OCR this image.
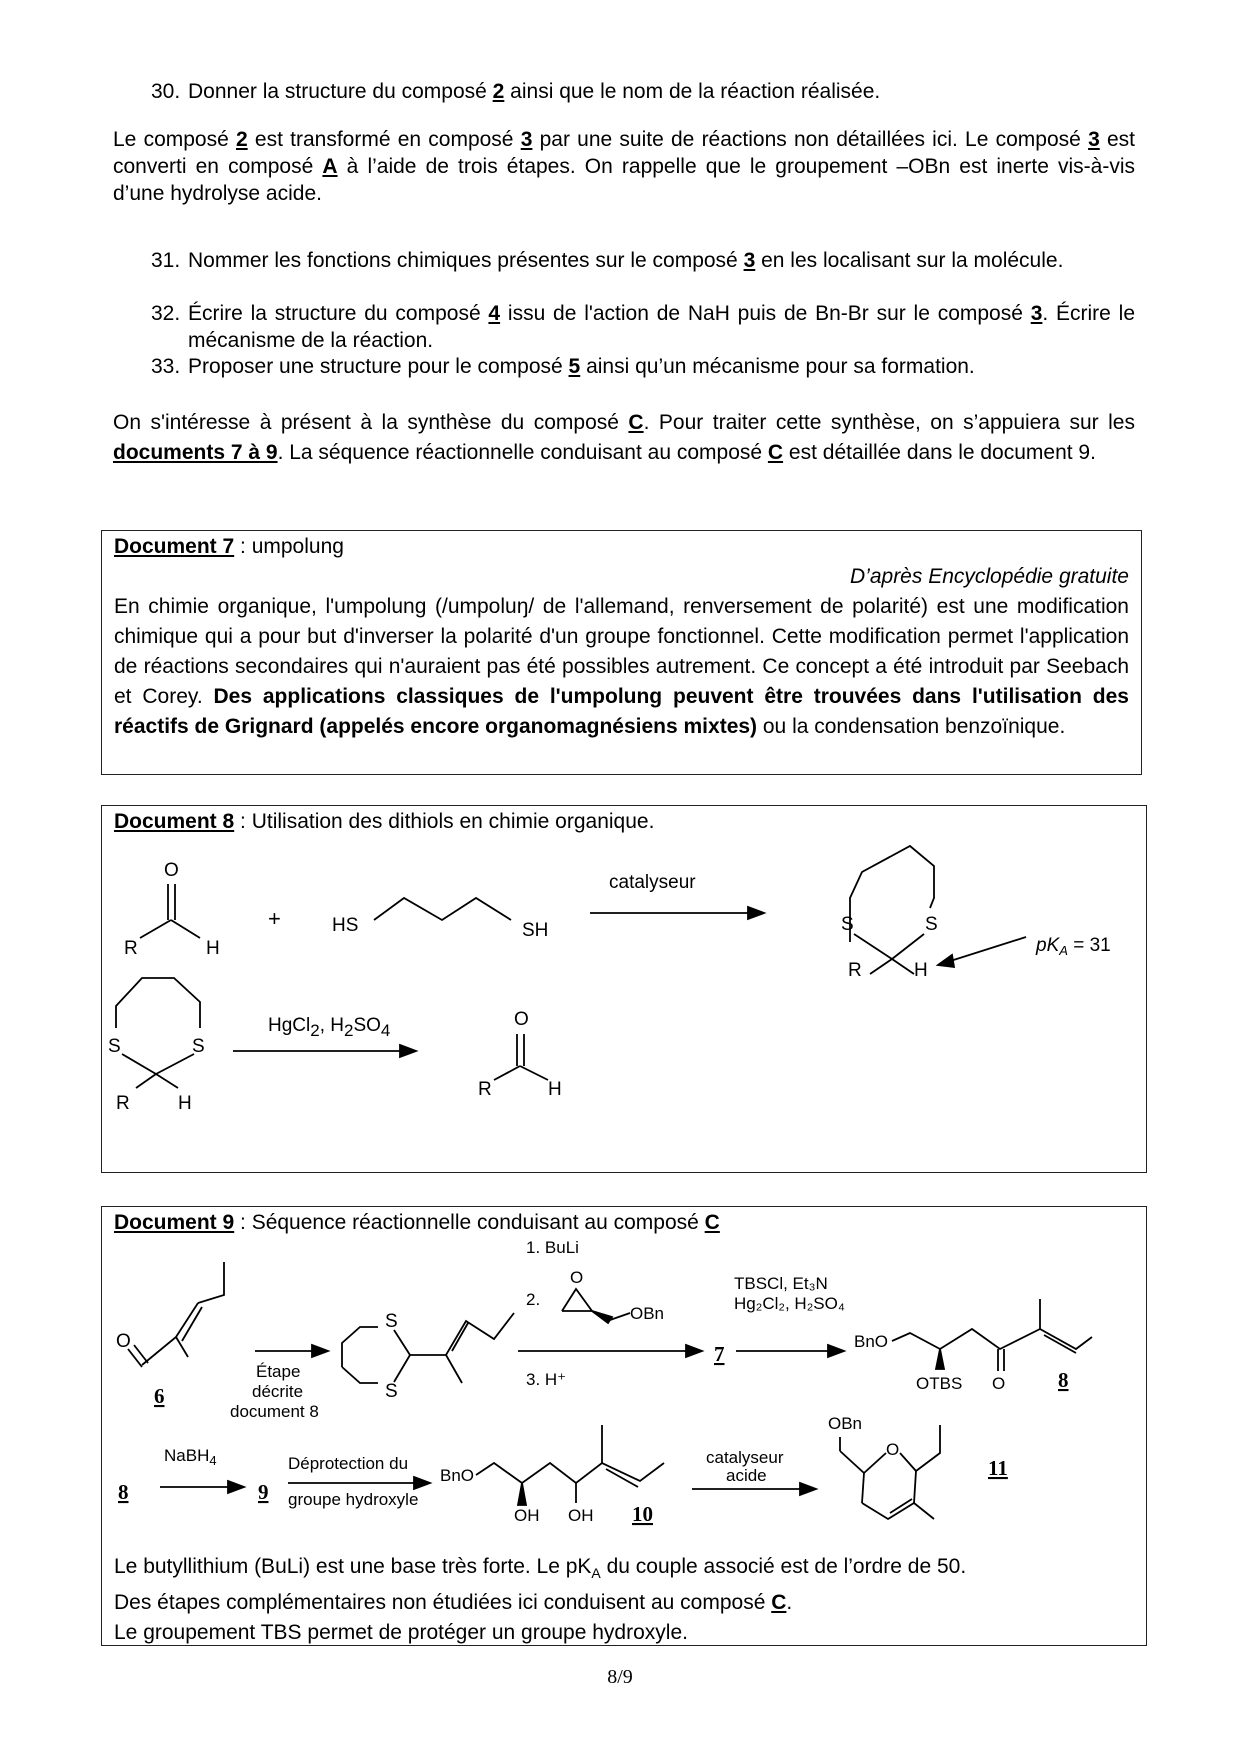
30. Donner la structure du composé 2 ainsi que le nom de la réaction réalisée.
Le composé 2 est transformé en composé 3 par une suite de réactions non détaillées ici. Le composé 3 est converti en composé A à l’aide de trois étapes. On rappelle que le groupement –OBn est inerte vis-à-vis d’une hydrolyse acide.
31. Nommer les fonctions chimiques présentes sur le composé 3 en les localisant sur la molécule.
32. Écrire la structure du composé 4 issu de l'action de NaH puis de Bn-Br sur le composé 3. Écrire le mécanisme de la réaction.
33. Proposer une structure pour le composé 5 ainsi qu’un mécanisme pour sa formation.
On s'intéresse à présent à la synthèse du composé C. Pour traiter cette synthèse, on s’appuiera sur les documents 7 à 9. La séquence réactionnelle conduisant au composé C est détaillée dans le document 9.
Document 7 : umpolung
D’après Encyclopédie gratuite
En chimie organique, l'umpolung (/umpoluŋ/ de l'allemand, renversement de polarité) est une modification chimique qui a pour but d'inverser la polarité d'un groupe fonctionnel. Cette modification permet l'application de réactions secondaires qui n'auraient pas été possibles autrement. Ce concept a été introduit par Seebach et Corey. Des applications classiques de l'umpolung peuvent être trouvées dans l'utilisation des réactifs de Grignard (appelés encore organomagnésiens mixtes) ou la condensation benzoïnique.
Document 8 : Utilisation des dithiols en chimie organique.
O
R	H
+	HS	SH
catalyseur
S	S
R	H
$pK_A = 31$
S	S
R	H
HgCl2, H2SO4
O
R	H
Document 9 : Séquence réactionnelle conduisant au composé C
O
6
Étape
décrite
document 8
S
S
1. BuLi
2.
O
OBn
3. H⁺
7
TBSCl, Et₃N
Hg₂Cl₂, H₂SO₄
BnO
OTBS O	8
8
NaBH$_4$
9
Déprotection du
groupe hydroxyle
BnO
OH OH 10
catalyseur
acide
OBn
O
11
Le butyllithium (BuLi) est une base très forte. Le $pK_A$ du couple associé est de l’ordre de 50.
Des étapes complémentaires non étudiées ici conduisent au composé C.
Le groupement TBS permet de protéger un groupe hydroxyle.
8/9
